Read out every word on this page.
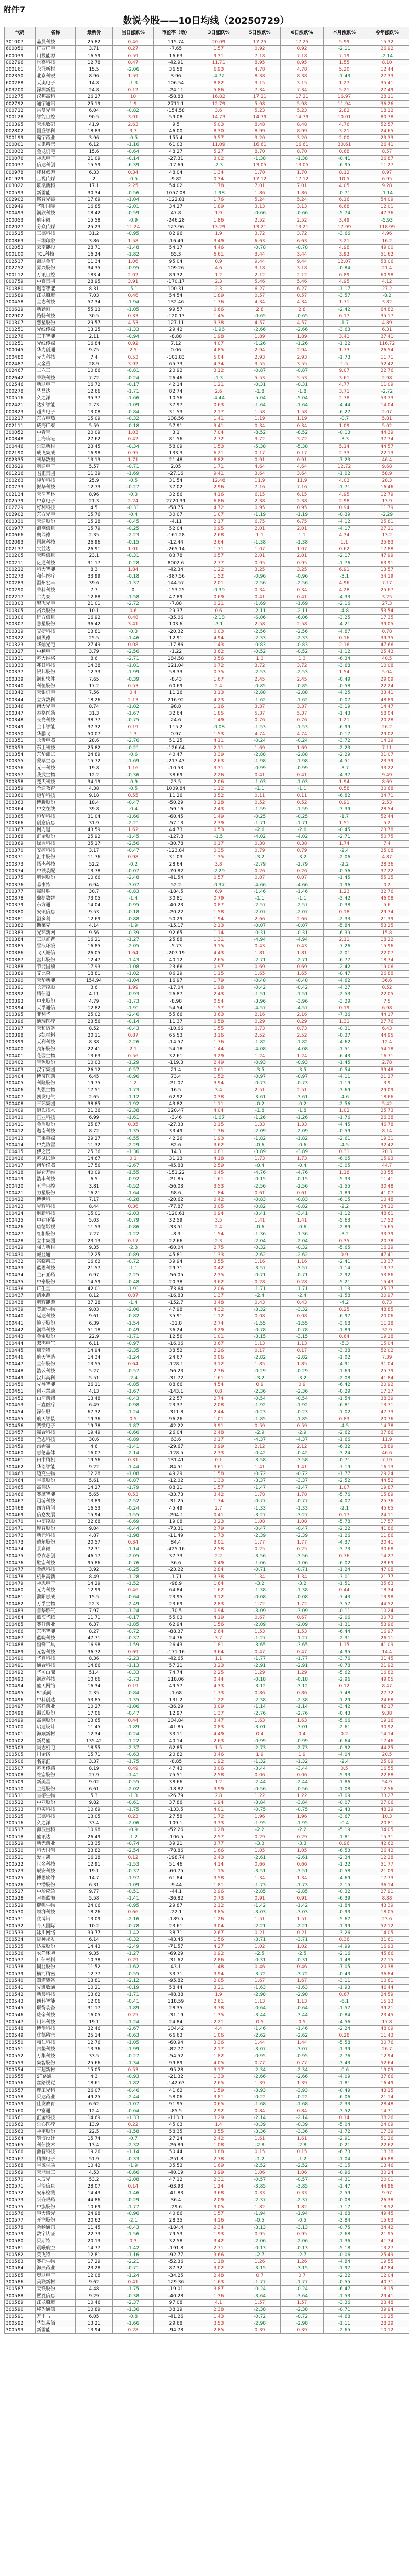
附件7
数说今股——10日均线（20250729）
代码	名称	最新价	当日涨跌%	市盈率（动）	3日涨跌%	5日涨跌%	6日涨跌%	本月涨跌%	今年涨跌%
301007	晶晨科技	25.82	0.46	115.74	20.09	17.25	17.25	5.99	15.32
600050	广西广电	3.71	0.27	-7.65	1.57	0.92	0.92	-2.11	26.92
600039	川投能源	16.59	0.59	16.63	9.31	7.18	7.18	7.19	-2.14
002796	世嘉科技	12.78	0.47	-42.91	11.71	8.95	8.95	1.55	8.10
300161	永冠新材	15.5	-2.06	36.58	6.93	4.78	4.78	5.20	12.44
002350	北京科锐	8.96	1.59	3.96	-4.72	8.38	8.38	-1.43	27.33
600288	天奥电子	14.8	-1.3	106.54	8.82	3.15	3.15	1.27	35.41
603200	深圳新星	24.8	0.12	-24.11	5.86	7.34	7.34	5.21	27.49
300275	汉邦高科	26.27	10	-58.88	16.82	17.21	17.21	16.97	28.11
002792	通宇通讯	25.19	1.9	2711.1	12.79	5.98	5.98	11.94	36.26
000712	雷曼光电	6.04	-0.82	-154.58	3.6	5.23	5.23	2.82	18.12
300128	智能自控	90.5	3.01	59.08	14.73	14.79	14.79	10.01	80.78
300395	天地数码	41.9	2.63	9.5	5.03	8.48	8.48	4.76	52.57
002802	国盛智科	18.83	3.7	46.00	8.30	8.99	8.99	3.21	24.65
300199	翰宇药业	3.96	-0.5	155.4	3.57	3.20	3.20	2.00	23.33
300001	立讯精密	6.12	-1.16	61.03	11.09	16.61	16.61	30.61	26.41
300032	金龙机电	15.6	-0.64	48.27	5.27	8.70	8.70	0.68	8.57
300076	神思电子	21.09	-0.14	-27.31	3.02	-1.38	-1.38	-0.41	26.87
000037	信达科创	15.59	-6.39	-17.69	-2.3	13.05	13.05	-6.95	11.27
000978	桂林旅游	6.33	0.34	48.04	1.34	1.70	1.70	8.12	8.97
601929	吉视传媒	2	-0.5	-9.82	0.34	17.12	17.12	10.5	6.95
003022	联泓新科	17.1	2.25	54.02	1.78	7.01	7.01	4.05	9.28
300593	新雷能	30.34	-0.56	1057.08	-1.98	1.86	1.86	-0.71	-1.14
002902	铭普光磁	17.69	-1.04	-122.81	1.76	5.24	5.24	6.16	54.09
002949	华阳国际	16.85	-2.01	34.27	1.89	3.13	3.13	6.68	12.01
300493	润欣科技	18.42	-0.59	47.8	1.9	-0.66	-0.66	-5.74	47.36
300053	航宇微	15.58	-0.9	-246.28	1.86	2.52	2.52	3.49	-5.93
002027	分众传媒	25.23	11.24	123.96	13.29	13.21	13.21	17.99	118.99
300515	三德科技	31.2	-0.95	82.96	1.9	3.72	3.72	-3.66	4.96
000863	三湘印象	3.86	1.58	-16.49	3.49	6.63	6.63	3.21	16.2
002053	云南能投	28.71	-1.48	54.17	4.46	-0.78	-0.78	4.98	49.00
000100	TCL科技	16.24	-1.82	65.3	6.61	3.44	3.44	3.92	51.62
002537	海联金汇	11.34	1.06	95.04	0.9	9.44	9.44	12.07	58.06
002752	昇兴股份	34.35	-0.95	109.26	4.6	3.18	3.18	-0.84	21.4
300112	万讯自控	183.4	2.02	89.32	1.2	2.12	2.12	6.89	60.98
000759	中百集团	28.95	3.91	-170.17	2.3	5.46	5.46	4.95	4.12
300880	迦南智能	8.31	-5.1	100.31	2.3	6.27	6.27	-1.17	27.2
300589	江龙船艇	7.03	0.46	54.54	1.89	0.57	0.57	-3.57	-8.2
300458	全志科技	57.34	-1.94	132.46	1.76	4.34	4.34	1.71	3.82
300629	新劲刚	55.13	-1.05	99.57	0.66	2.8	2.8	-2.42	64.82
002902	路畅科技	30.5	0.33	-120.13	1.45	-0.65	-0.65	6.17	35.17
300307	慈星股份	29.57	4.53	127.11	3.38	4.57	4.57	-1.7	4.89
300251	光线传媒	13.25	-1.33	29.42	-1.96	-2.66	-2.66	-3.63	6.31
300276	三丰智能	2.11	-0.94	-8.88	1.98	1.89	1.89	3.41	37.41
300251	光线传媒	16.84	0.92	7.12	4.07	-1.26	-1.26	-1.22	116.72
300045	华力创通	9.75	2.5	0.06	4.85	2.94	2.94	1.73	26.54
300480	光力科技	7.4	0.53	-101.83	5.04	2.93	2.93	-1.73	11.71
002487	大金重工	28.9	3.92	65.73	4.34	3.55	3.55	1.5	52.42
002467	二六三	10.86	-0.81	20.92	3.12	-0.87	-0.87	9.07	22.76
002642	荣联科技	7.72	-0.24	26.46	-1.3	5.53	5.53	3.61	2.98
002546	新联电子	16.72	-0.17	42.14	1.21	-0.31	-0.31	4.77	11.09
300278	华昌达	12.66	-1.71	82.74	2.6	-1.8	-1.8	3.71	-2.72
300516	久之洋	35.37	-1.66	10.56	-4.44	-5.04	-5.04	2.78	53.73
002421	达实智能	2.73	-1.09	37.97	0.63	-1.64	-1.64	-4.44	14.04
000823	超声电子	13.08	-0.84	31.53	2.17	1.58	1.58	-6.27	2.07
300217	东方电热	15.09	-0.32	108.56	1.41	1.19	1.19	-0.7	5.81
002111	威海广泰	5.59	-0.18	57.91	3.41	0.34	0.34	1.09	5.02
300052	中青宝	20.09	1.03	3.1	7.04	-8.52	-8.52	-0.13	44.39
600848	上海临港	27.62	0.42	81.56	2.72	3.72	3.72	-3.3	37.74
300446	乐凯新材	23.45	-0.34	58.09	1.53	-5.38	-5.38	5.14	44.57
002190	成飞集成	16.98	0.95	133.3	6.21	0.17	0.17	2.33	22.13
002335	科华数据	13.13	1.71	21.48	8.82	0.91	0.91	-7.23	46.4
603629	利通电子	5.57	-0.71	2.05	1.71	4.64	4.64	12.72	9.68
601216	君正集团	11.39	-1.69	-27.16	9.41	3.64	3.64	-1.02	58.9
300263	隆华科技	25.9	-0.5	31.54	12.48	11.9	11.9	4.03	28.3
000733	振华科技	12.73	-0.27	37.02	2.96	7.16	7.16	-1.71	16.46
002134	天津普林	8.96	-0.3	32.86	4.16	6.15	6.15	4.95	12.79
002579	中京电子	21.3	2.24	2720.39	6.86	2.38	2.38	2.98	13.9
002729	好利科技	4.5	-0.31	-58.75	4.72	0.95	0.95	0.94	11.79
002902	东方光电	15.76	-0.4	30.07	1.07	-1.19	-1.19	-0.39	-2.29
600330	天通股份	15.28	-0.45	-4.11	2.17	6.75	6.75	-4.12	25.81
000977	浪潮信息	15.79	-0.25	52.04	0.95	2.01	2.01	-4.17	27.11
600666	奥瑞德	2.35	-2.23	-161.28	2.68	1.1	1.1	4.34	13.2
002093	国脉科技	26.96	-0.15	-12.44	2.64	-1.38	-1.38	1.1	25.83
002137	实益达	26.91	1.01	-265.14	1.71	1.07	1.07	0.62	17.88
300205	天喻信息	23.1	-0.31	83.78	0.57	2.01	2.01	-2.17	47.99
300211	亿通科技	31.17	-0.28	8002.6	2.77	0.95	0.95	-1.76	63.91
300222	科大智能	8.3	1.84	-42.34	1.22	3.25	3.25	6.91	13.57
300273	和佳医疗	33.99	-0.18	-387.56	1.52	-0.96	-0.96	-3.1	54.19
300283	温州宏丰	39.6	-1.37	144.57	2.01	-2.56	-2.56	4.96	7.17
300290	荣科科技	7.7	0	-153.25	-0.39	0.34	0.34	4.28	25.67
002217	合力泰	12.88	-1.58	47.89	0.69	0.41	0.41	-4.33	3.25
300303	聚飞光电	21.01	-2.72	-7.88	0.21	-1.69	-1.69	-2.16	27.3
300305	裕兴股份	10.1	0.6	29.37	0.6	-2.11	-2.11	-4.8	53.54
300306	远方信息	16.92	0.48	-35.06	-2.18	-6.06	-6.06	-3.25	17.35
300307	慈星股份	36.42	3.41	103.6	-3.1	2.58	2.58	-4.21	39.05
300319	麦捷科技	13.81	-0.3	-20.32	0.03	-2.56	-2.56	-4.87	0.78
300322	硕贝德	25.5	-1.46	12.91	4.94	-2.33	-2.33	0.16	39.35
300323	华灿光电	27.49	0.08	-17.86	1.43	-0.83	-0.83	2.16	47.66
300327	中颖电子	3.79	-2.56	-1.22	3.62	-0.52	-0.52	-1.12	25.43
300331	苏大维格	8.6	-2.71	184.58	3.56	1.3	1.3	-6.34	40.5
300333	兆日科技	14.38	-1.01	121.04	0.72	3.72	3.72	-3.68	10.08
300337	银邦股份	12.33	-1.99	58.33	0.75	-2.53	-2.53	1.54	5.04
300339	润和软件	7.65	-0.39	-8.43	1.67	2.45	2.45	-0.49	29.09
300340	科恒股份	17.2	0.53	60.69	2.4	-0.85	-0.85	-0.58	22.24
300342	天银机电	7.56	0.4	11.26	3.13	-2.88	-2.88	-4.25	33.41
300344	立方数科	18.26	2.13	216.92	4.23	-1.62	-1.62	-0.07	48.89
300346	南大光电	8.74	-1.02	98.8	1.16	3.37	3.37	-3.19	14.47
300347	泰格医药	31.3	-1.67	32.64	1.85	5.37	5.37	-1.43	58.04
300348	长亮科技	38.77	-0.75	24.6	1.49	0.76	0.76	1.21	20.28
300349	金卡智能	37.32	0.19	115.2	-0.08	-1.53	-1.53	-6.99	26.2
300350	华鹏飞	50.07	1.3	0.97	1.53	4.74	4.74	-0.17	29.02
300351	永贵电器	28.6	-2.76	51.25	4.11	-0.24	-0.24	-3.72	14.19
300353	东土科技	25.82	-0.21	-126.64	2.11	1.69	1.69	-2.23	7.11
300354	东华测试	24.89	-0.6	40.47	3.39	-2.88	-2.88	-2.29	31.07
300355	蒙草生态	15.72	-1.69	-217.43	2.63	-1.98	-1.98	-4.51	23.39
300356	光一科技	19.8	1.16	-10.53	3.31	-0.99	-0.99	-3.7	33.22
300357	我武生物	12.2	-0.36	38.69	2.26	0.41	0.41	-4.37	9.49
300358	楚天科技	34.19	-0.9	23.5	2.06	-1.03	-1.03	1.94	8.69
300359	全通教育	4.38	-0.5	1009.84	1.12	-1.1	-1.1	0.58	30.68
300360	炬华科技	9.18	0.55	11.26	3.52	0.11	0.11	-6.82	34.71
300363	博腾股份	18.4	-0.47	-50.29	3.28	0.52	0.52	0.91	2.53
300364	中文在线	39.8	-0.4	-59.16	2.43	-1.59	-1.59	-3.39	28.54
300365	恒华科技	31.04	-1.66	-60.45	1.49	-0.25	-0.25	-1.7	52.44
300366	创意信息	31.9	-2.21	-57.13	2.39	-1.71	-1.71	1.51	5.2
300367	网力退	43.59	1.62	44.73	0.53	-2.6	-2.6	-0.45	23.78
300368	汇金股份	25.92	-1.45	-127.8	-1.5	-4.02	-4.02	-2.71	50.75
300369	绿盟科技	35.17	-2.56	-30.78	0.17	0.38	0.38	1.74	7.4
300370	安控科技	3.17	-0.47	-123.84	0.35	0.79	0.79	-2.4	25.08
300371	汇中股份	11.76	0.98	31.03	1.35	-3.2	-3.2	-2.06	4.87
300373	扬杰科技	52.2	-0.2	28.64	3.8	-2.79	-2.79	-2.2	28.36
300374	中铁装配	13.78	-0.07	-70.82	-2.29	0.26	0.26	-0.56	37.22
300375	鹏翎股份	10.66	-2.48	-41.54	0.57	0.07	0.07	-1.45	55.15
300376	易事特	6.94	-3.07	52.2	-0.37	-4.66	-4.66	-1.96	0.2
300377	赢时胜	30.7	-0.83	-184.5	6.9	-1.46	-1.46	1.23	32.76
300378	鼎捷数智	73.05	-1.4	30.81	0.79	-1.1	-1.1	-3.42	46.08
300379	东方通	14.04	-0.95	-40.23	0.87	-2.57	-2.57	-0.38	5.6
300380	安硕信息	9.53	-0.18	-20.22	1.58	-2.07	-2.07	0.18	29.74
300381	溢多利	12.69	-0.88	50.29	1.94	2.66	2.66	-2.33	21.39
300382	斯莱克	4.14	-1.9	-15.17	2.13	-0.07	-0.07	-5.84	53.25
300383	光环新网	9.56	-0.39	92.65	1.14	-0.31	-0.31	-6.39	15.8
300384	三联虹普	16.21	-1.27	25.88	1.31	-4.94	-4.94	2.11	18.22
300385	雪浪环境	16.85	-2.05	-5.73	3.15	0.43	0.43	-7.26	15.96
300386	飞天诚信	26.05	1.64	-207.19	4.43	1.81	1.81	-2.01	22.07
300387	富邦股份	12.47	-1.43	40.12	2.65	-2.71	-2.71	-6.77	18.74
300388	节能国祯	17.93	-1.08	23.66	0.97	0.69	0.69	-2.42	19.06
300389	艾比森	18.81	-1.02	86.29	1.15	1.65	1.65	-0.47	26.88
300390	天华新能	154.94	-1.04	16.97	1.79	-0.48	-0.48	-4.62	36.6
300391	长药控股	3.6	1.99	-17.04	1.98	-0.42	-0.42	-4.27	0.52
300392	腾信退	4.11	-0.93	26.87	2.43	-1.51	-1.51	-2.53	22.05
300393	中来股份	4.79	-1.73	-8.98	0.54	-3.96	-3.96	-3.29	7.5
300394	天孚通信	12.82	-1.91	54.54	1.57	-4.57	-4.57	0.19	6.98
300395	菲利华	25.02	-2.46	55.66	3.63	2.16	2.16	-7.36	44.17
300396	迪瑞医疗	23.56	-0.14	11.37	0.58	0.29	0.29	1.31	27.76
300397	天和防务	8.52	-0.43	-10.66	1.55	0.73	0.73	-0.31	6.43
300398	飞凯材料	30.11	0.87	65.53	3.16	2.52	2.52	-0.37	44.95
300399	天利科技	8.38	-2.26	-14.57	1.76	-1.82	-1.82	-4.62	12.4
300400	劲拓股份	22.41	2.1	54.18	1.44	-4.08	-4.08	-1.51	54.18
300401	花园生物	13.63	0.56	32.61	3.29	1.24	1.24	-6.43	16.71
300402	宝色股份	10.03	-1.29	-119.3	2.49	-0.93	-0.93	-1.45	2.78
300403	汉宇集团	26.12	-0.57	21.4	0.61	-3.5	-3.5	-0.54	39.48
300404	博济医药	6.45	-0.96	73.4	1.52	-0.97	-0.97	-4.11	21.27
300405	科隆股份	19.75	1.2	-21.07	3.94	-0.73	-0.73	-1.19	3.9
300406	九强生物	17.51	-1.73	16.5	3.4	2.51	2.51	-3.69	29.09
300407	凯发电气	2.65	-1.12	62.92	0.38	-3.61	-3.61	-4.6	18.66
300408	三环集团	38.85	-1.92	43.82	1.11	-0.2	-0.2	-2.56	5.42
300409	道氏技术	21.36	-2.38	120.47	4.04	-1.8	-1.8	1.02	25.73
300410	正业科技	6.99	-1.61	-3.46	-1.07	-1.26	-1.26	-1.76	26.38
300411	金盾股份	25.87	0.35	-27.33	2.15	1.33	1.33	-4.45	46.78
300412	迦南科技	8.72	-1.35	33.49	1.36	-2.09	-2.09	-0.59	8.14
300413	芒果超媒	29.27	-0.55	42.26	1.93	-1.82	-1.82	-2.61	19.31
300414	中光防雷	11.32	-2.29	82.6	3.62	-0.6	-0.6	-4.5	32.42
300415	伊之密	25.36	-1.36	14.3	0.81	-3.89	-3.89	0.31	20.3
300416	苏试试验	14.67	0.1	31.13	4.18	1.73	1.73	-6.05	15.93
300417	南华仪器	17.56	-2.67	-45.88	2.59	-0.4	-0.4	-3.05	44.7
300418	昆仑万维	40.09	-1.55	-151.22	0.45	-4.76	-4.76	1.18	23.55
300419	浩丰科技	6.5	-0.92	-21.85	1.61	-0.15	-0.15	-5.33	11.41
300420	五洋自控	3.81	-0.52	-56.03	3.53	-2.56	-2.56	-1.55	30.48
300421	力星股份	16.21	-1.64	68.6	1.84	0.61	0.61	-1.89	41.07
300422	博世科	7.17	-0.28	-20.62	0.42	-0.83	-0.83	-6.15	10.48
300423	昇辉科技	8.44	0.36	-77.87	3.05	-0.82	-0.82	-2.2	24.12
300424	航新科技	15.01	-2.03	-120.61	0.94	-3.41	-3.41	-1.12	48.61
300425	中建环能	5.03	-0.79	32.59	3.5	1.41	1.41	-5.63	17.52
300426	唐德影视	11.53	-0.86	-33.51	2.4	-0.6	-0.6	-2.89	15.65
300427	红相股份	7.27	-1.22	-8.3	1.54	-1.36	-1.36	-3.2	33.39
300428	立中集团	23.13	0.17	22.66	2.3	-2.04	-2.04	0.35	20.78
300429	强力新材	9.35	-2.3	-60.04	2.75	-0.32	-0.32	-5.65	16.29
300430	诚益通	12.25	-0.89	45.81	1.33	-2.62	-2.62	0.9	47.41
300432	富临精工	16.62	-0.72	39.94	3.55	1.16	1.16	-2.41	13.37
300433	蓝思科技	21.57	-1.1	29.71	0.42	-3.57	-3.57	-1.14	19.77
300434	金石亚药	6.97	-2.25	-56.05	2.35	-0.71	-0.71	-2.92	53.86
300435	中泰股份	14.59	-0.48	20.38	3.62	0.28	0.28	-5.21	15.43
300436	广生堂	42.01	-1.91	-73.64	2.06	-1.71	-1.71	-1.13	25.17
300437	清水源	8.12	0.87	-16.83	1.37	-2.4	-2.4	-1.58	30.97
300438	鹏辉能源	37.28	-1.4	-152.7	3.48	0.43	0.43	-4.2	8.73
300439	美康生物	9.03	-2.06	47.98	4.32	-3.32	-3.32	0.25	48.85
300440	运达科技	9.61	-0.82	35.91	1.12	0.08	0.08	-6.97	20.06
300441	鲍斯股份	6.39	-1.54	-31.8	2.74	-1.55	-1.55	-3.68	11.28
300442	润泽科技	51.18	-0.49	36.24	3.29	-0.78	-0.78	-1.89	32.9
300443	金雷股份	22.9	-1.71	12.56	1.01	-3.15	-3.15	0.64	19.18
300444	双杰电气	6.11	-0.97	-16.06	3.67	1.13	1.13	-5.3	15.04
300445	康斯特	14.94	-2.35	38.52	2.26	0.17	0.17	-3.38	52.02
300446	航天智造	14.34	-1.24	24.67	0.06	-2.82	-2.82	-1.02	7.39
300447	全信股份	13.55	0.64	-128.1	3.12	1.85	1.85	-4.91	31.04
300448	浩云科技	5.27	-0.57	-56.23	2.36	-0.29	-0.29	-1.69	25.79
300449	汉邦高科	5.51	-2.4	-31.72	1.61	-3.2	-3.2	-2.08	41.84
300450	先导智能	26.11	-0.85	88.66	4.54	0.9	0.9	-6.42	20.92
300451	创业慧康	4.13	-1.67	-143.1	0.8	-2.36	-2.36	-0.29	17.17
300452	山河药辅	13.48	-0.43	22.57	2.74	-0.54	-0.54	-1.54	38.39
300453	三鑫医疗	6.49	-0.98	23.37	2.08	-1.92	-1.92	-6.81	13.71
300454	深信服	67.32	-1.24	-311.8	2.44	-0.23	-0.23	-1.02	47.73
300455	航天智装	19.36	0.5	96.26	1.01	-1.85	-1.85	0.83	20.76
300456	赛微电子	19.78	-1.87	-42.22	3.91	0.59	0.59	-4.5	14.78
300457	赢合科技	19.49	-0.66	26.04	2.48	-2.9	-2.9	-2.62	37.86
300458	全志科技	30.6	-0.89	63.6	0.17	-4.37	-4.37	-1.66	11.9
300459	汤姆猫	4.6	-1.41	-29.67	3.99	2.12	2.12	-6.32	18.89
300460	惠伦晶体	16.07	-2.14	-128.5	2.33	-0.42	-0.42	-3.24	46.6
300461	田中精机	19.56	0.31	131.41	0.1	-3.58	-3.58	-0.71	7.19
300462	华铭智能	9.22	-1.44	-84.51	3.61	1.41	1.41	-7.19	16.13
300463	迈克生物	12.28	-1.08	49.29	1.58	-0.72	-0.72	-1.77	29.24
300464	星徽股份	5.61	-0.87	-12.02	1.33	-3.37	-3.37	-2.52	44.52
300465	高伟达	14.27	-1.79	88.21	1.57	-1.47	-1.47	1.07	19.87
300466	赛摩智能	5.65	0.53	-33.73	3.42	1.78	1.78	-5.76	15.89
300467	迅游科技	13.89	-2.52	-31.25	1.74	-0.77	-0.77	-4.07	25.76
300468	四方精创	16.53	-0.24	45.49	2.7	-1.33	-1.33	-2.1	45.65
300469	信息发展	15.94	-1.55	-204.1	0.41	-3.27	-3.27	0.17	24.11
300470	中密控股	32.68	-0.69	19.08	3.23	1.08	1.08	-5.78	17.57
300471	厚普股份	9.04	-0.44	-73.31	2.79	-0.47	-0.47	-2.22	41.86
300472	新元科技	4.87	-1.98	-11.49	1.73	-2.39	-2.39	-1.26	11.86
300473	德尔股份	20.57	0.34	84.4	3.01	1.77	1.77	-4.37	20.41
300474	景嘉微	72.31	-1.14	-425.16	2.58	0.25	0.25	-3.73	30.68
300475	香农芯创	46.17	-2.05	37.73	2.2	-3.56	-3.56	0.76	14.27
300476	胜宏科技	95.86	-0.76	36.6	0.49	-1.06	-1.06	-6.02	28.69
300477	合纵科技	3.92	-0.25	-23.22	2.84	-0.71	-0.71	-1.24	47.08
300478	杭州高新	8.49	-1.28	-1.71	3.38	1.34	1.34	-3.01	21.77
300479	神思电子	14.29	-1.52	-98.9	1.64	-3.2	-3.2	-1.51	35.63
300480	光力科技	12.99	0.46	64.84	1.62	-1.38	-1.38	0.44	18.34
300481	濮阳惠成	15.5	-0.64	23.95	3.12	-0.08	-0.08	-7.43	13.98
300482	万孚生物	22.3	-2.49	23.69	2.83	1.72	1.72	-3.57	44.52
300483	首华燃气	7.97	-1.24	-70.5	0.94	-3.09	-3.09	-0.11	10.24
300484	蓝海华腾	11.71	-0.17	55.03	4.19	0.67	0.67	-2.06	30.73
300485	赛升药业	6.37	-1.85	62.94	1.56	-2.09	-2.09	-1.31	53.96
300486	东杰智能	8.27	-0.72	-88.37	2.64	1.53	1.53	-6.44	16.97
300487	蓝晓科技	47.71	-0.37	24.76	3.7	-1.27	-1.27	-2.31	26.11
300488	恒锋工具	16.98	-1.59	26.43	1.81	-3.65	-3.65	1.15	41.09
300489	光智科技	36.72	0.69	-171.16	3.64	0.47	0.47	-4.95	14.4
300490	华自科技	8.36	-2.23	-42.65	1.1	-1.77	-1.77	-3.76	31.45
300491	通合科技	14.86	-1.13	57.21	3.23	-2.91	-2.91	-0.78	21.92
300492	华图山鼎	51.4	-0.33	74.74	2.25	1.29	1.29	-5.62	16.82
300493	润欣科技	10.66	-2.73	118.06	0.44	-0.18	-0.18	-2.96	49.05
300494	盛天网络	16.34	0.19	49.57	4.33	-3.12	-3.12	0.12	8.47
300495	ST美尚	2.35	-0.84	-1.68	1.73	0.86	0.86	-7.48	27.72
300496	中科创达	53.85	-1.35	131.2	1.22	-2.38	-2.38	-1.29	24.68
300497	富祥药业	10.27	-1.06	-36.29	3.09	-1.14	-1.14	-3.42	42.17
300498	温氏股份	17.06	-0.47	12.97	1.37	-2.76	-2.76	-0.43	9.38
300499	高澜股份	13.65	0.44	104.84	3.47	1.63	1.63	-5.06	19.16
300500	启迪设计	11.45	-1.89	-41.85	0.83	-3.01	-3.01	-2.61	30.92
300501	海顺新材	12.34	-0.24	33.11	4.49	0.4	0.4	0.2	14.14
300502	新易盛	135.42	-1.22	40.14	2.63	-0.99	-0.99	-6.64	17.46
300503	昊志机电	18.55	-2.37	62.85	1.5	-2.73	-2.73	-0.92	44.25
300505	川金诺	15.71	-0.63	20.82	3.46	1.9	1.9	-4.04	20.5
300506	名家汇	3.37	-1.75	-8.85	1.92	-1.32	-1.32	-2.4	25.09
300507	苏奥传感	8.19	0.49	47.43	3.06	-3.44	-3.44	0.5	16.55
300508	维宏股份	27.9	-1.41	75.51	2.58	0.06	0.06	-5.93	22.88
300509	新美星	9.02	-0.55	38.66	1.2	-2.44	-2.44	-1.86	54.9
300510	金冠股份	6.61	-2.02	-18.82	3.99	-0.56	-0.56	-1.08	12.56
300511	雪榕生物	5.3	-1.3	-26.79	2.8	1.22	1.22	-7.09	33.27
300512	中亚股份	9.82	-0.61	37.86	1.94	-3.84	-3.84	-0.07	27.06
300513	恒实科技	10.69	-1.75	-133.5	4.01	-0.75	-0.75	-2.43	48.29
300515	三德科技	13.05	0.23	27.58	1.72	1.96	1.96	-3.67	10.3
300516	久之洋	33.4	-2.06	109.1	3.33	-1.95	-1.95	-0.4	20.81
300517	海波重科	10.98	-0.9	-52.26	0.28	-2.2	-2.2	-5.19	34.05
300518	盛讯达	26.49	-1.2	-106.5	2.57	0.29	0.29	-1.81	15.31
300519	新光药业	13.35	-0.74	39.21	3.77	-3.3	-3.3	0.96	42.62
300520	科大国创	23.82	-2.54	-78.86	1.66	1.05	1.05	-6.53	26.42
300521	爱司凯	16.18	0.12	-198.74	2.43	-2.61	-2.61	-2.34	12.18
300522	世名科技	12.91	-1.53	51.46	4.14	0.66	0.66	-1.22	51.77
300523	辰安科技	19.1	-0.37	-60.75	1.15	-3.51	-3.51	-0.58	21.09
300525	博思软件	14.7	-1.97	61.84	3.58	1.34	1.34	-4.69	17.73
300526	中潜股份	6.31	-1.09	-9.44	1.81	-1.73	-1.73	-2.15	36.14
300527	中船应急	9.77	-0.51	-44.1	2.96	-2.85	-2.85	-0.32	27.91
300528	幸福蓝海	5.58	-1.41	-36.82	0.73	0.91	0.91	-6.39	8.88
300529	健帆生物	24.06	-0.95	29.87	2.12	-1.42	-1.42	-1.84	43.39
300530	领湃科技	18.26	0.66	-22.1	3.85	-3.03	-3.03	-0.93	18.05
300531	优博讯	13.09	-2.16	-189.5	1.26	1.51	1.51	-5.67	23.6
300532	今天国际	10.2	-0.78	23.61	3.04	-2.21	-2.21	-1.99	52.12
300533	冰川网络	39.77	-1.42	38.71	2.67	0.21	0.21	-3.26	14.05
300534	陇神戎发	6.14	-0.32	-43.45	1.56	-3.71	-3.71	0.36	31.61
300535	达威股份	14.43	-2.49	-71.57	4.27	1.02	1.02	-4.99	16.93
300536	农尚环境	9.35	-1.27	-69.29	0.92	-2.5	-2.5	-2.16	45.66
300537	广信材料	10.38	0.29	-31.62	2.86	-0.31	-0.31	-1.48	27.15
300538	同益股份	11.52	-1.62	43.1	1.48	0.46	0.46	-7.05	20.38
300539	横河精密	12.77	-0.55	33.71	3.94	-3.72	-3.72	-0.43	36.84
300540	蜀道装备	13.81	-2.12	-95.82	2.05	1.67	1.67	-3.11	10.61
300541	先进数通	10.21	-0.19	58.44	3.21	-1.63	-1.63	-1.93	46.44
300542	新晨科技	13.62	-1.71	-48.38	1.9	-2.98	-2.98	0.67	24.59
300543	朗科智能	12.06	-0.41	118.59	2.61	1.13	1.13	-6.1	15.13
300545	联得装备	31.17	-1.89	28.35	3.78	-0.64	-0.64	-1.57	39.21
300546	雄帝科技	16.05	0.25	-31.19	1.35	-3.44	-3.44	-0.84	23.45
300547	川环科技	19.1	-1.24	24.84	2.21	0.5	0.5	-4.56	17.8
300548	博创科技	32.46	-2.67	104.42	4.4	-1.46	-1.46	-2.24	48.09
300549	优德精密	25.14	-0.63	66.63	1.06	-2.62	-2.62	0.28	11.43
300550	和仁科技	12.76	-1.05	-60.94	3.36	1.44	1.44	-5.58	30.76
300551	古鳌科技	13.36	-1.99	-82.77	2.17	-3.07	-3.07	-1.39	26.7
300552	万集科技	33.5	-0.27	-54.52	1.82	-0.95	-0.95	-2.76	12.94
300553	集智股份	25.66	-1.34	99.89	4.05	0.77	0.77	-3.43	52.64
300554	三超新材	15.05	0.53	-95.28	3.17	-2.34	-2.34	-0.6	19.09
300555	ST路通	4.3	-0.93	-21.32	1.33	-2.66	-2.66	-4.09	37.66
300556	丝路视觉	18.61	-1.82	-142.63	2.65	1.39	1.39	-1.81	16.49
300557	理工光科	26.07	-0.46	41.62	1.59	-3.93	-3.93	-0.49	43.15
300558	贝达药业	49.25	-2.44	58.06	3.81	-0.22	-0.22	-6.06	21.14
300559	佳发教育	6.62	-1.07	91.95	0.65	-1.68	-1.68	-2.33	28.48
300560	中富通	12.4	-0.64	-85.5	2.92	0.84	0.84	-3.52	14.71
300561	汇金科技	14.69	-1.33	-113.3	3.29	-2.14	-2.14	0.14	38.26
300562	乐心医疗	13.9	0.22	45.03	1.4	-0.39	-0.39	-5.04	24.09
300563	神宇股份	22.5	-1.58	58.35	3.55	-3.36	-3.36	-1.72	17.39
300564	筑博设计	15.74	-0.7	27.24	2.42	1.61	1.61	-2.91	51.26
300565	科信技术	13.4	-2.32	-26.89	1.08	-2.8	-2.8	-0.21	22.62
300566	激智科技	19.26	-1.14	50.44	3.88	0.15	0.15	-6.73	18.38
300567	精测电子	51.9	-0.33	-251.8	2.78	-1.2	-1.2	-1.04	45.88
300568	星源材质	10.42	-1.9	35.53	1.69	-2.52	-2.52	-3.15	13.46
300569	天能重工	4.53	-0.66	-40.19	3.99	1.06	1.06	-0.96	30.24
300570	太辰光	53.2	-2.08	47.12	2.31	-0.57	-0.57	-4.31	20.01
300571	平治信息	28.07	0.14	-63.93	1.24	-3.85	-3.85	-1.47	44.96
300572	安车检测	14.43	-1.46	-41.83	3.68	0.33	0.33	-2.59	9.97
300573	兴齐眼药	44.86	-0.29	36.4	2.09	-2.37	-2.37	-0.08	26.38
300575	中旗股份	10.69	-1.77	-29.6	3.05	1.82	1.82	-7.17	18.52
300576	容大感光	24.98	-0.96	40.86	1.57	-1.94	-1.94	-1.68	49.45
300577	开润股份	20.62	-2.1	28.35	4.16	-0.5	-0.5	-3.84	15.63
300578	会畅通讯	11.45	-0.43	-184.4	2.34	-3.13	-3.13	-0.75	34.42
300579	数字认证	22.73	-1.56	79.53	1.93	0.95	0.95	-2.68	21.95
300580	贝斯特	20.13	0.3	32.58	3.42	-2.06	-2.06	-1.36	41.74
300581	晨曦航空	14.77	-1.42	-191.8	2.71	-0.13	-0.13	-5.18	13.27
300582	英飞特	12.81	-1.16	-92.77	3.66	-2.7	-2.7	-0.06	25.49
300583	赛托生物	17.29	-2.21	-52.36	1.18	1.26	1.26	-4.84	19.55
300584	海辰药业	23.28	-0.71	87.32	3.02	-3.15	-3.15	-1.97	47.84
300585	奥联电子	12.08	-1.24	-34.25	2.48	0.7	0.7	-2.22	12.04
300586	美联新材	9.62	0.41	129.36	1.63	-1.77	-1.77	-0.55	40.71
300587	天铁股份	4.48	-1.75	-19.01	3.87	-0.24	-0.24	-6.47	18.15
300588	熙菱信息	9.29	-0.38	-40.28	1.36	-3.64	-3.64	-1.53	29.41
300589	江龙船艇	10.46	-2.37	97.08	4.1	1.57	1.57	-3.36	23.48
300590	移为通信	10.89	-1.36	38.19	2.38	-2.38	-2.38	-0.71	39.94
300591	万里马	6.05	-0.8	-41.26	1.43	-0.72	-0.72	-4.68	16.25
300592	华凯易佰	13.21	-1.66	29.68	3.53	-2.98	-2.98	-1.11	28.29
300593	新雷能	13.94	0.28	-94.78	2.85	0.39	0.39	-2.65	10.12
